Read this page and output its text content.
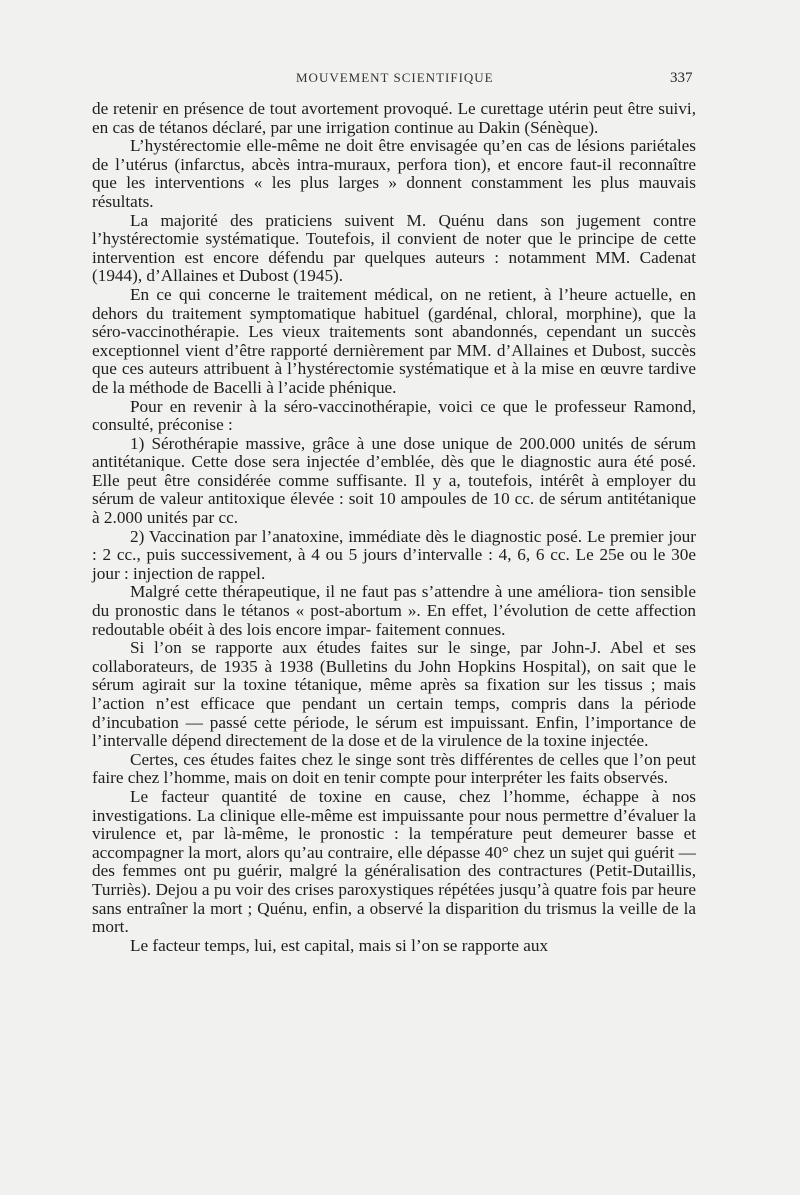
MOUVEMENT SCIENTIFIQUE	337

de retenir en présence de tout avortement provoqué. Le curettage utérin peut être suivi, en cas de tétanos déclaré, par une irrigation continue au Dakin (Sénèque).

L’hystérectomie elle-même ne doit être envisagée qu’en cas de lésions pariétales de l’utérus (infarctus, abcès intra-muraux, perfora tion), et encore faut-il reconnaître que les interventions « les plus larges » donnent constamment les plus mauvais résultats.

La majorité des praticiens suivent M. Quénu dans son jugement contre l’hystérectomie systématique. Toutefois, il convient de noter que le principe de cette intervention est encore défendu par quelques auteurs : notamment MM. Cadenat (1944), d’Allaines et Dubost (1945).

En ce qui concerne le traitement médical, on ne retient, à l’heure actuelle, en dehors du traitement symptomatique habituel (gardénal, chloral, morphine), que la séro-vaccinothérapie. Les vieux traitements sont abandonnés, cependant un succès exceptionnel vient d’être rapporté dernièrement par MM. d’Allaines et Dubost, succès que ces auteurs attribuent à l’hystérectomie systématique et à la mise en œuvre tardive de la méthode de Bacelli à l’acide phénique.

Pour en revenir à la séro-vaccinothérapie, voici ce que le professeur Ramond, consulté, préconise :

1) Sérothérapie massive, grâce à une dose unique de 200.000 unités de sérum antitétanique. Cette dose sera injectée d’emblée, dès que le diagnostic aura été posé. Elle peut être considérée comme suffisante. Il y a, toutefois, intérêt à employer du sérum de valeur antitoxique élevée : soit 10 ampoules de 10 cc. de sérum antitétanique à 2.000 unités par cc.

2) Vaccination par l’anatoxine, immédiate dès le diagnostic posé. Le premier jour : 2 cc., puis successivement, à 4 ou 5 jours d’intervalle : 4, 6, 6 cc. Le 25e ou le 30e jour : injection de rappel.

Malgré cette thérapeutique, il ne faut pas s’attendre à une améliora- tion sensible du pronostic dans le tétanos « post-abortum ». En effet, l’évolution de cette affection redoutable obéit à des lois encore impar- faitement connues.

Si l’on se rapporte aux études faites sur le singe, par John-J. Abel et ses collaborateurs, de 1935 à 1938 (Bulletins du John Hopkins Hospital), on sait que le sérum agirait sur la toxine tétanique, même après sa fixation sur les tissus ; mais l’action n’est efficace que pendant un certain temps, compris dans la période d’incubation — passé cette période, le sérum est impuissant. Enfin, l’importance de l’intervalle dépend directement de la dose et de la virulence de la toxine injectée.

Certes, ces études faites chez le singe sont très différentes de celles que l’on peut faire chez l’homme, mais on doit en tenir compte pour interpréter les faits observés.

Le facteur quantité de toxine en cause, chez l’homme, échappe à nos investigations. La clinique elle-même est impuissante pour nous permettre d’évaluer la virulence et, par là-même, le pronostic : la température peut demeurer basse et accompagner la mort, alors qu’au contraire, elle dépasse 40° chez un sujet qui guérit — des femmes ont pu guérir, malgré la généralisation des contractures (Petit-Dutaillis, Turriès). Dejou a pu voir des crises paroxystiques répétées jusqu’à quatre fois par heure sans entraîner la mort ; Quénu, enfin, a observé la disparition du trismus la veille de la mort.

Le facteur temps, lui, est capital, mais si l’on se rapporte aux
